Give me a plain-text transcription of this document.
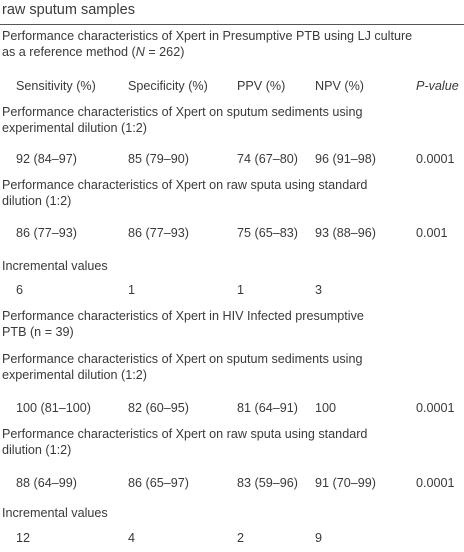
raw sputum samples
Performance characteristics of Xpert in Presumptive PTB using LJ culture
as a reference method (N = 262)
Sensitivity (%)	Specificity (%) PPV (%) NPV (%)	P-value
Performance characteristics of Xpert on sputum sediments using
experimental dilution (1:2)
92 (84–97)	85 (79–90)	74 (67–80) 96 (91–98)	0.0001
Performance characteristics of Xpert on raw sputa using standard
dilution (1:2)
86 (77–93)	86 (77–93)	75 (65–83) 93 (88–96)	0.001
Incremental values
6	1	1	3
Performance characteristics of Xpert in HIV Infected presumptive
PTB (n = 39)
Performance characteristics of Xpert on sputum sediments using
experimental dilution (1:2)
100 (81–100)	82 (60–95)	81 (64–91) 100	0.0001
Performance characteristics of Xpert on raw sputa using standard
dilution (1:2)
88 (64–99)	86 (65–97)	83 (59–96) 91 (70–99)	0.0001
Incremental values
12	4	2	9
